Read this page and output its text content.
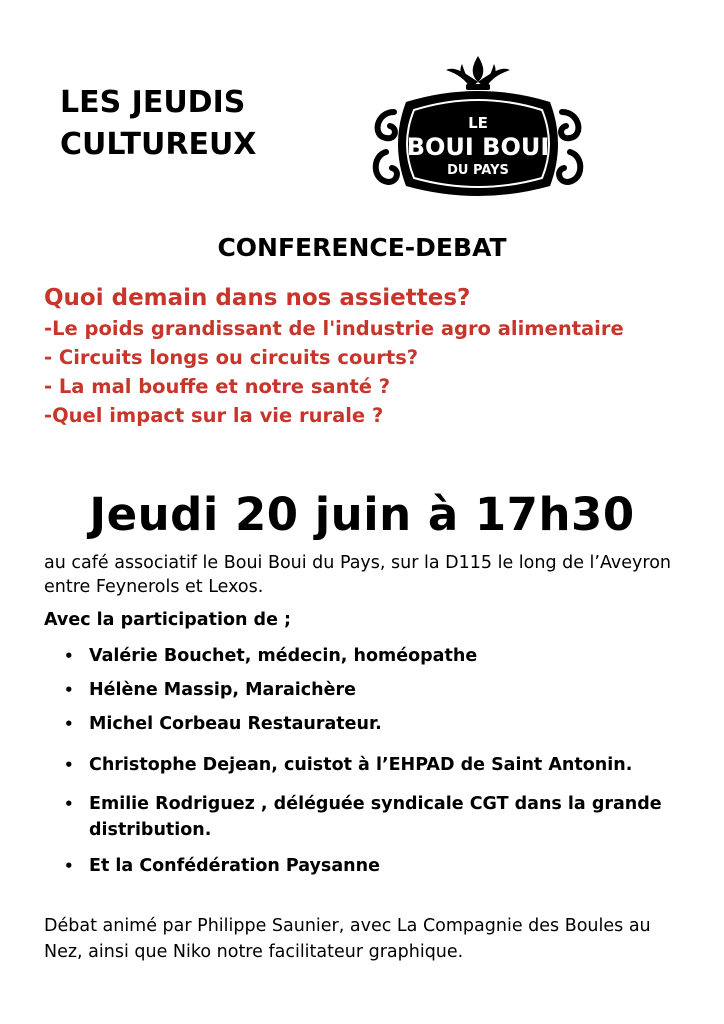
LES JEUDIS
CULTUREUX
LE
BOUI BOUI
DU PAYS
CONFERENCE-DEBAT
Quoi demain dans nos assiettes?
-Le poids grandissant de l'industrie agro alimentaire
- Circuits longs ou circuits courts?
- La mal bouffe et notre santé ?
-Quel impact sur la vie rurale ?
Jeudi 20 juin à 17h30

au café associatif le Boui Boui du Pays, sur la D115 le long de l’Aveyron entre Feynerols et Lexos.

Avec la participation de ;

• Valérie Bouchet, médecin, homéopathe
• Hélène Massip, Maraichère
• Michel Corbeau Restaurateur.
• Christophe Dejean, cuistot à l’EHPAD de Saint Antonin.
• Emilie Rodriguez , déléguée syndicale CGT dans la grande distribution.
• Et la Confédération Paysanne

Débat animé par Philippe Saunier, avec La Compagnie des Boules au Nez, ainsi que Niko notre facilitateur graphique.
